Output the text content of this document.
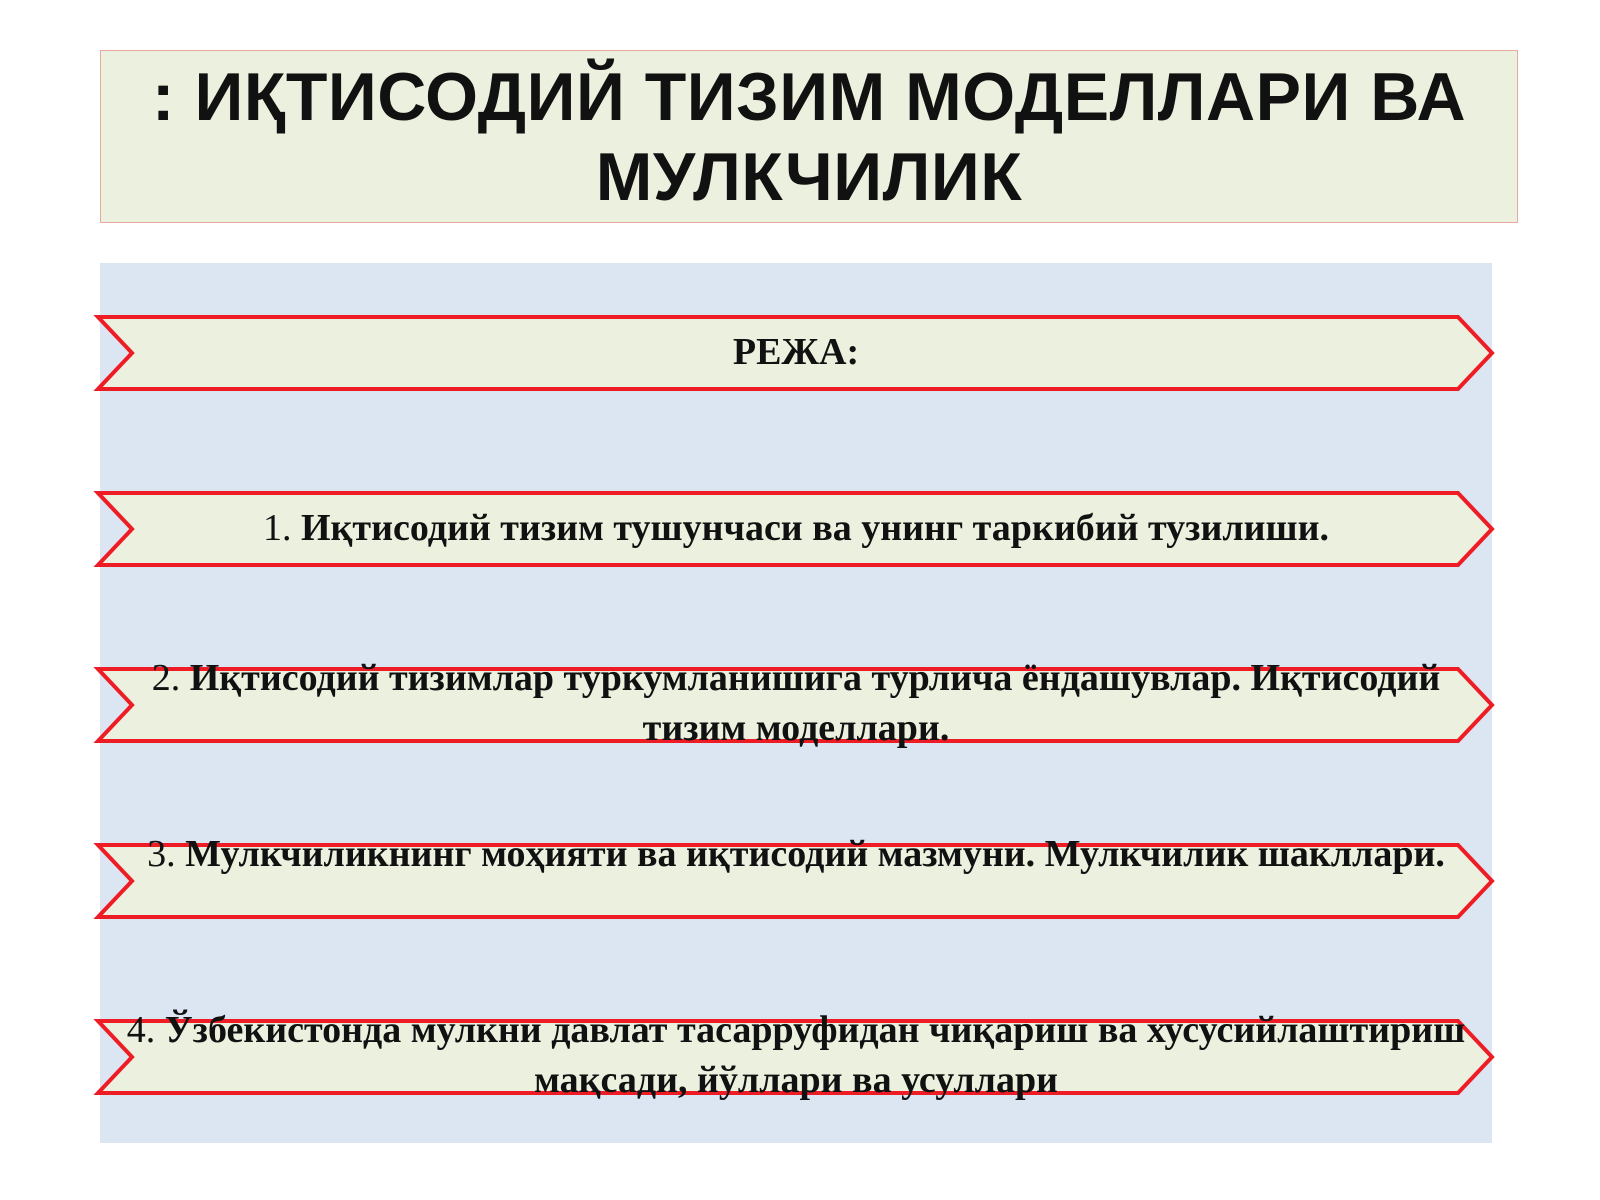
: ИҚТИСОДИЙ ТИЗИМ МОДЕЛЛАРИ ВА МУЛКЧИЛИК

РЕЖА:

1. Иқтисодий тизим тушунчаси ва унинг таркибий тузилиши.

2. Иқтисодий тизимлар туркумланишига турлича ёндашувлар. Иқтисодий тизим моделлари.

3. Мулкчиликнинг моҳияти ва иқтисодий мазмуни. Мулкчилик шакллари.

4. Ўзбекистонда мулкни давлат тасарруфидан чиқариш ва хусусийлаштириш мақсади, йўллари ва усуллари
